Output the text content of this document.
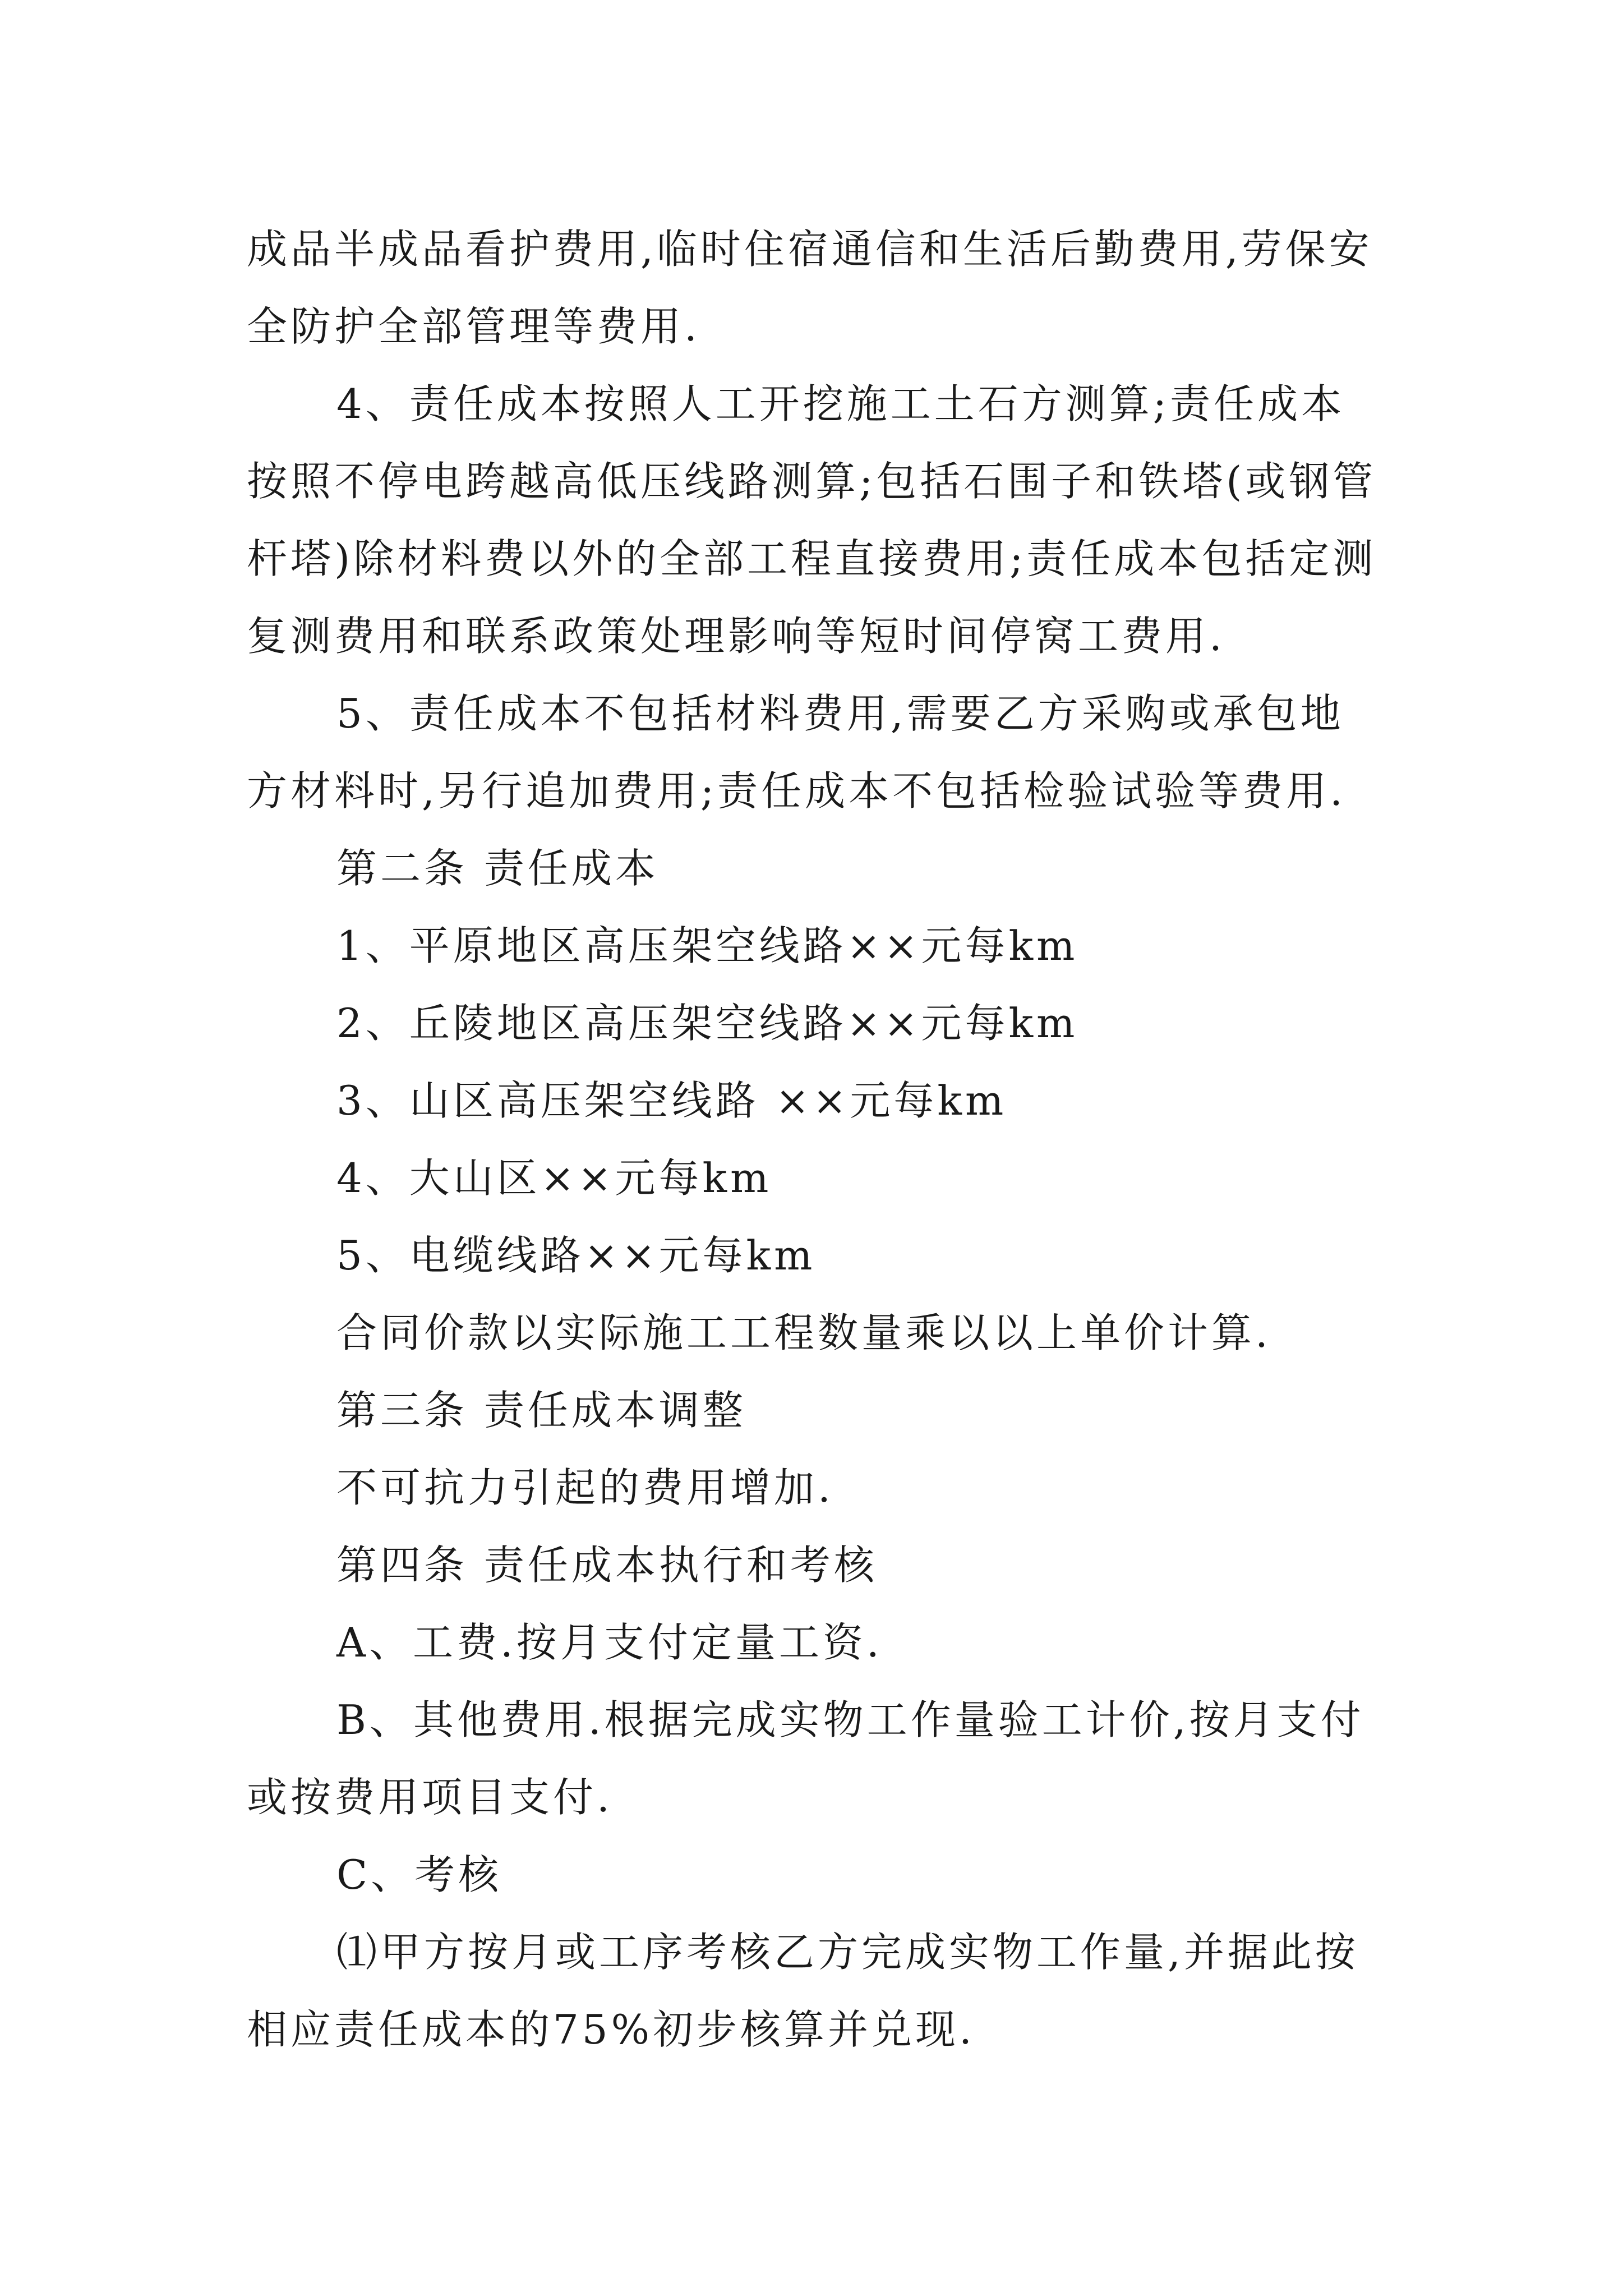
成品半成品看护费用,临时住宿通信和生活后勤费用,劳保安全防护全部管理等费用.

4、责任成本按照人工开挖施工土石方测算;责任成本按照不停电跨越高低压线路测算;包括石围子和铁塔(或钢管杆塔)除材料费以外的全部工程直接费用;责任成本包括定测复测费用和联系政策处理影响等短时间停窝工费用.

5、责任成本不包括材料费用,需要乙方采购或承包地方材料时,另行追加费用;责任成本不包括检验试验等费用.

第二条 责任成本

1、平原地区高压架空线路××元每km

2、丘陵地区高压架空线路××元每km

3、山区高压架空线路 ××元每km

4、大山区××元每km

5、电缆线路××元每km

合同价款以实际施工工程数量乘以以上单价计算.

第三条 责任成本调整

不可抗力引起的费用增加.

第四条 责任成本执行和考核

A、工费.按月支付定量工资.

B、其他费用.根据完成实物工作量验工计价,按月支付或按费用项目支付.

C、考核

⑴甲方按月或工序考核乙方完成实物工作量,并据此按相应责任成本的75%初步核算并兑现.
